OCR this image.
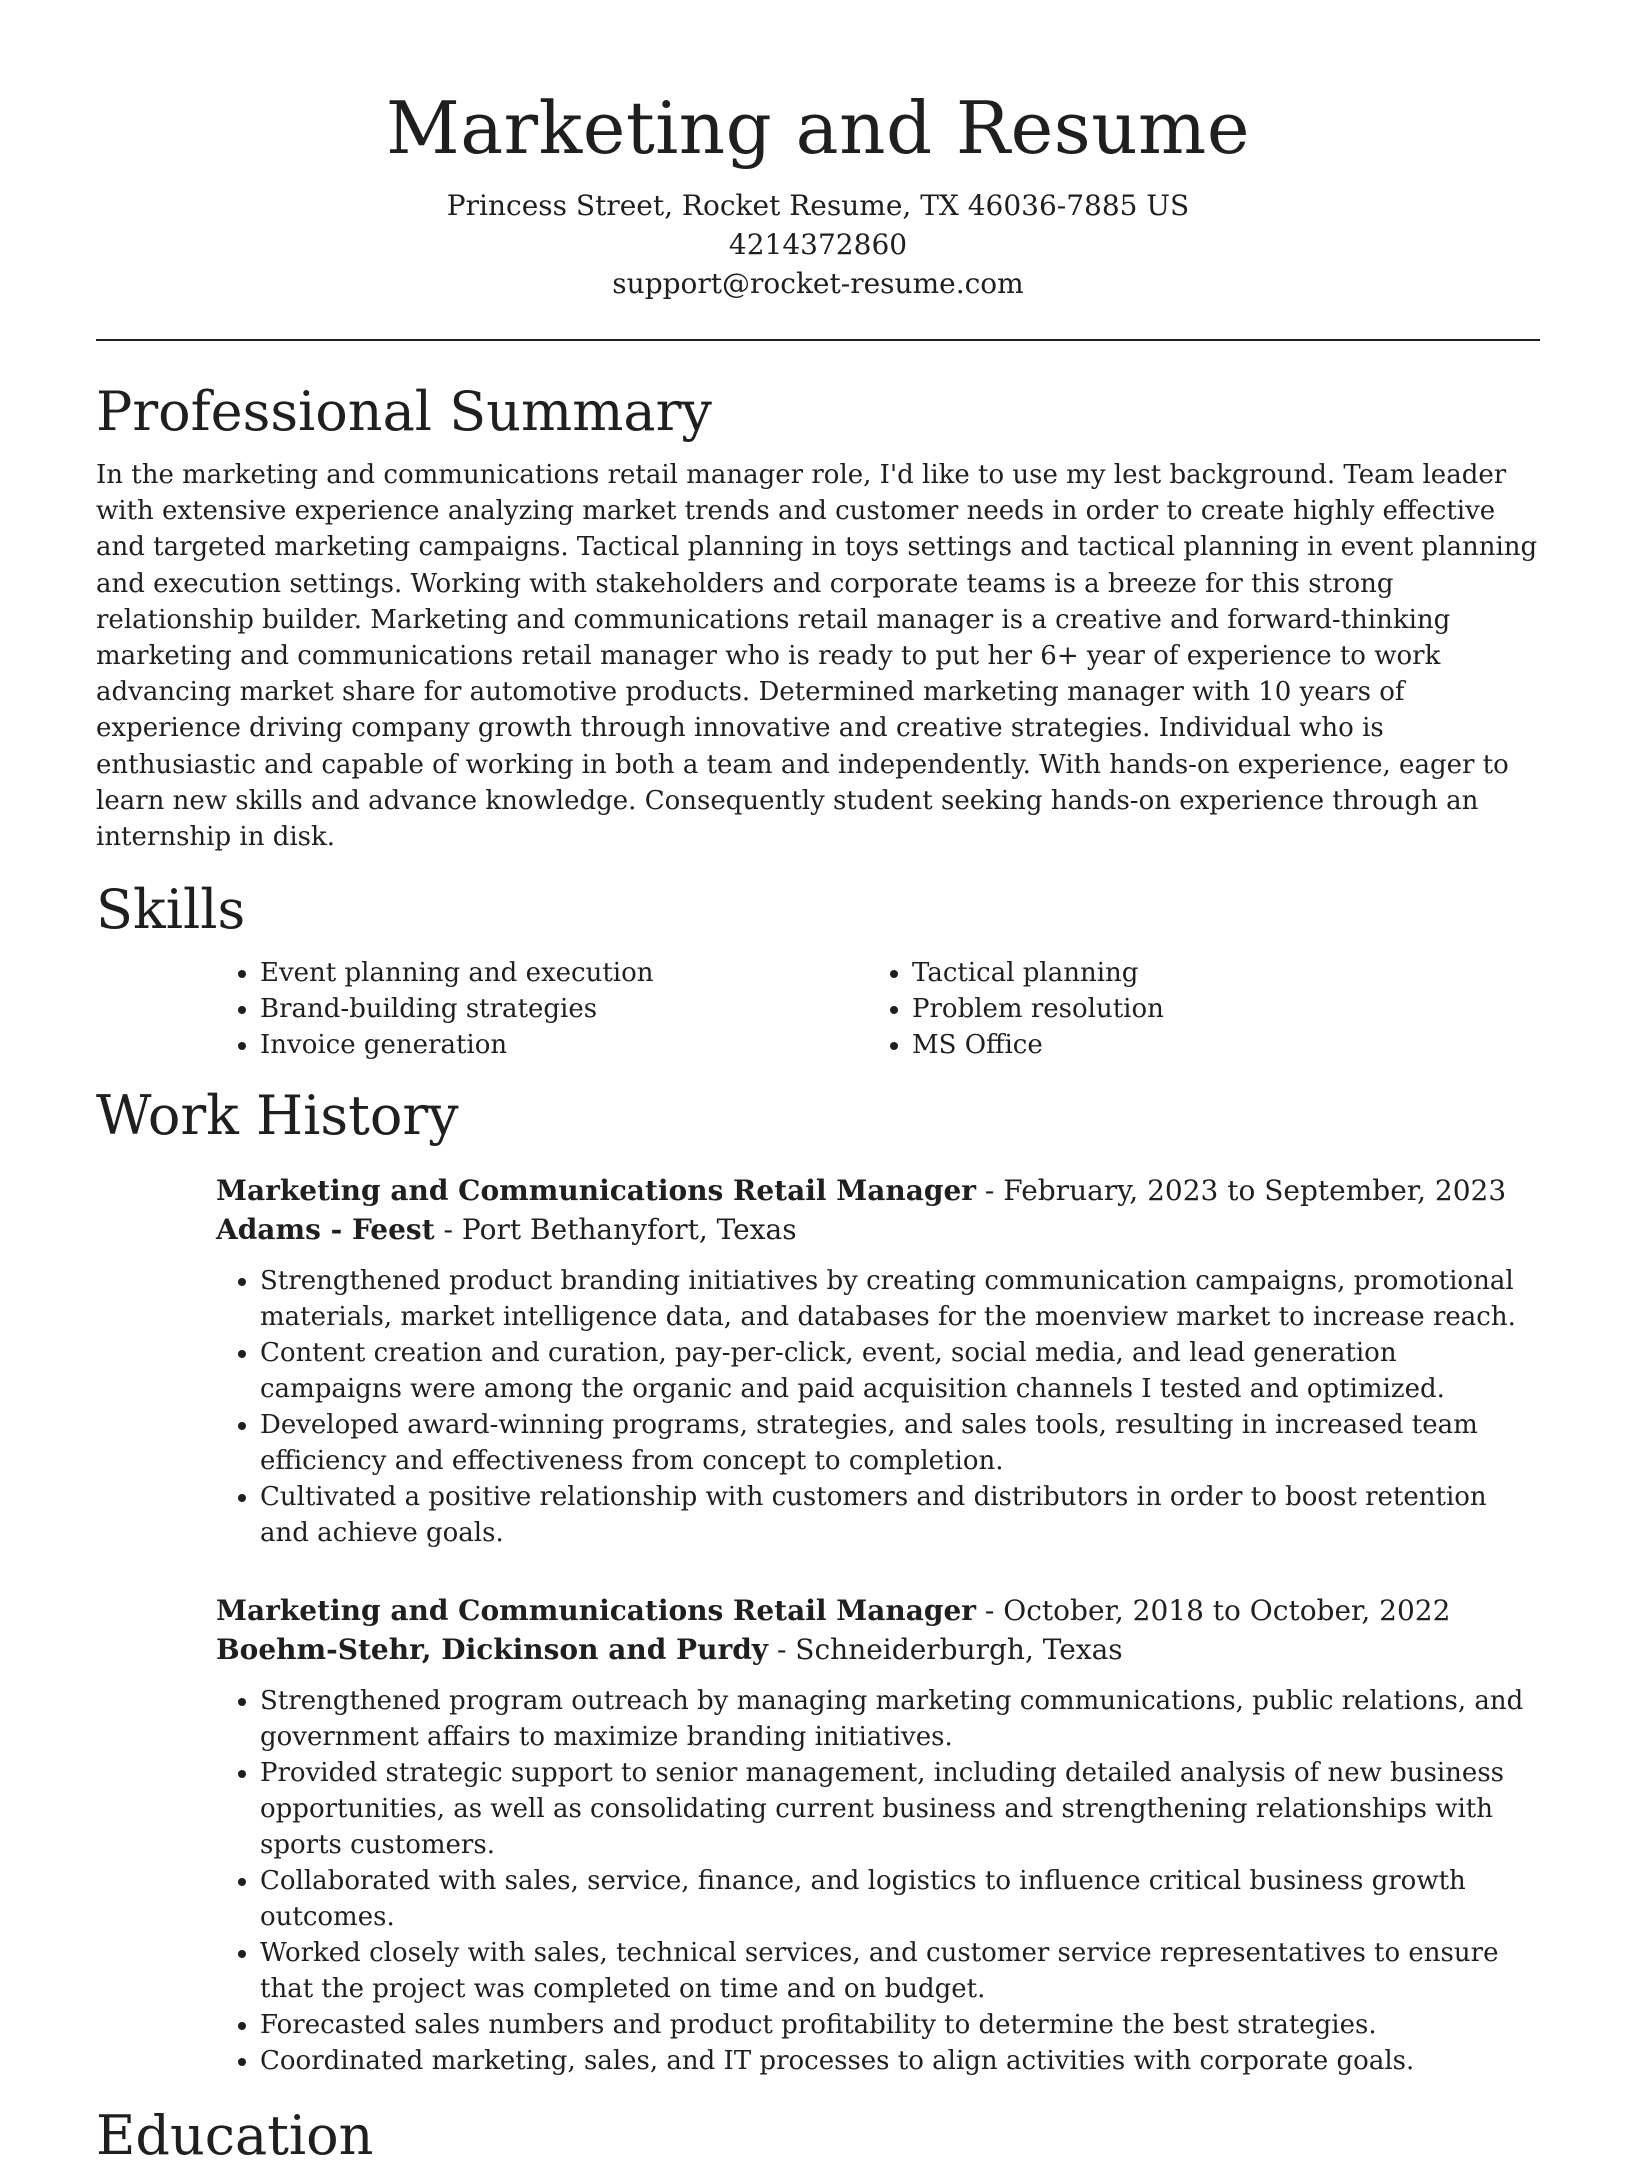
Marketing and Resume

Princess Street, Rocket Resume, TX 46036-7885 US

4214372860

support@rocket-resume.com

Professional Summary

In the marketing and communications retail manager role, I'd like to use my lest background. Team leader with extensive experience analyzing market trends and customer needs in order to create highly effective and targeted marketing campaigns. Tactical planning in toys settings and tactical planning in event planning and execution settings. Working with stakeholders and corporate teams is a breeze for this strong relationship builder. Marketing and communications retail manager is a creative and forward-thinking marketing and communications retail manager who is ready to put her 6+ year of experience to work advancing market share for automotive products. Determined marketing manager with 10 years of experience driving company growth through innovative and creative strategies. Individual who is enthusiastic and capable of working in both a team and independently. With hands-on experience, eager to learn new skills and advance knowledge. Consequently student seeking hands-on experience through an internship in disk.

Skills
• Event planning and execution
• Brand-building strategies
• Invoice generation
• Tactical planning
• Problem resolution
• MS Office
Work History

Marketing and Communications Retail Manager - February, 2023 to September, 2023

Adams - Feest - Port Bethanyfort, Texas

• Strengthened product branding initiatives by creating communication campaigns, promotional materials, market intelligence data, and databases for the moenview market to increase reach.
• Content creation and curation, pay-per-click, event, social media, and lead generation campaigns were among the organic and paid acquisition channels I tested and optimized.
• Developed award-winning programs, strategies, and sales tools, resulting in increased team efficiency and effectiveness from concept to completion.
• Cultivated a positive relationship with customers and distributors in order to boost retention and achieve goals.

Marketing and Communications Retail Manager - October, 2018 to October, 2022

Boehm-Stehr, Dickinson and Purdy - Schneiderburgh, Texas

• Strengthened program outreach by managing marketing communications, public relations, and government affairs to maximize branding initiatives.
• Provided strategic support to senior management, including detailed analysis of new business opportunities, as well as consolidating current business and strengthening relationships with sports customers.
• Collaborated with sales, service, finance, and logistics to influence critical business growth outcomes.
• Worked closely with sales, technical services, and customer service representatives to ensure that the project was completed on time and on budget.
• Forecasted sales numbers and product profitability to determine the best strategies.
• Coordinated marketing, sales, and IT processes to align activities with corporate goals.
Education
